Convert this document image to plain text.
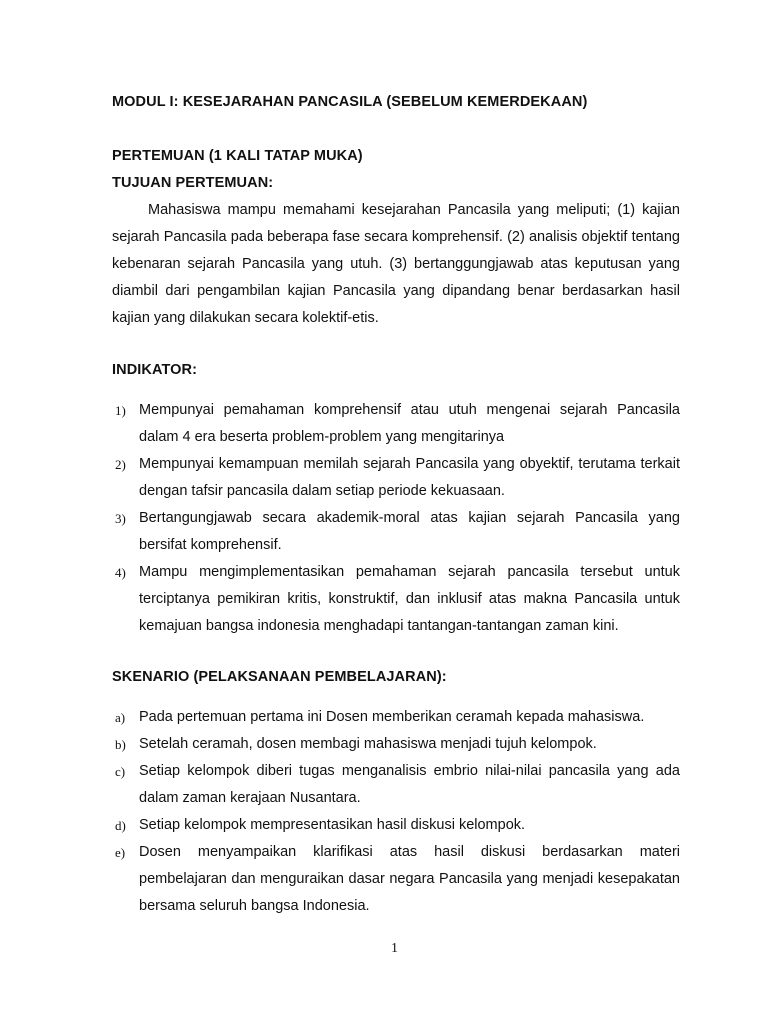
MODUL I: KESEJARAHAN PANCASILA (SEBELUM KEMERDEKAAN)
PERTEMUAN (1 KALI TATAP MUKA)
TUJUAN PERTEMUAN:
Mahasiswa mampu memahami kesejarahan Pancasila yang meliputi; (1) kajian sejarah Pancasila pada beberapa fase secara komprehensif. (2) analisis objektif tentang kebenaran sejarah Pancasila yang utuh. (3) bertanggungjawab atas keputusan yang diambil dari pengambilan kajian Pancasila yang dipandang benar berdasarkan hasil kajian yang dilakukan secara kolektif-etis.
INDIKATOR:
1) Mempunyai pemahaman komprehensif atau utuh mengenai sejarah Pancasila dalam 4 era beserta problem-problem yang mengitarinya
2) Mempunyai kemampuan memilah sejarah Pancasila yang obyektif, terutama terkait dengan tafsir pancasila dalam setiap periode kekuasaan.
3) Bertangungjawab secara akademik-moral atas kajian sejarah Pancasila yang bersifat komprehensif.
4) Mampu mengimplementasikan pemahaman sejarah pancasila tersebut untuk terciptanya pemikiran kritis, konstruktif, dan inklusif atas makna Pancasila untuk kemajuan bangsa indonesia menghadapi tantangan-tantangan zaman kini.
SKENARIO (PELAKSANAAN PEMBELAJARAN):
a) Pada pertemuan pertama ini Dosen memberikan ceramah kepada mahasiswa.
b) Setelah ceramah, dosen membagi mahasiswa menjadi tujuh kelompok.
c) Setiap kelompok diberi tugas menganalisis embrio nilai-nilai pancasila yang ada dalam zaman kerajaan Nusantara.
d) Setiap kelompok mempresentasikan hasil diskusi kelompok.
e) Dosen menyampaikan klarifikasi atas hasil diskusi berdasarkan materi pembelajaran dan menguraikan dasar negara Pancasila yang menjadi kesepakatan bersama seluruh bangsa Indonesia.
1
